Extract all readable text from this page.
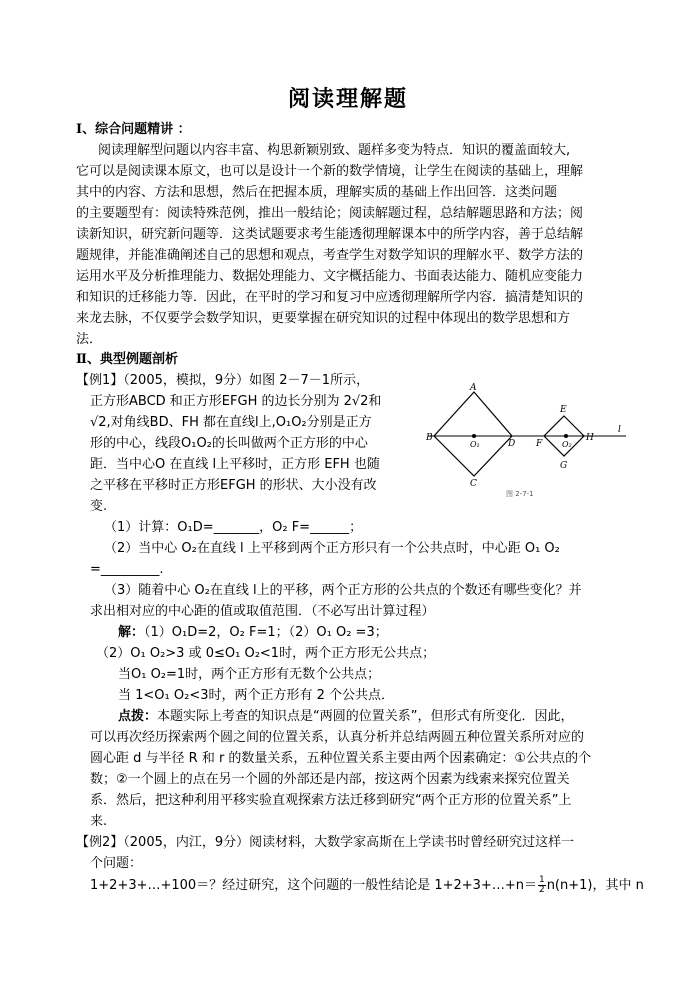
阅读理解题
Ⅰ、综合问题精讲 ：
阅读理解型问题以内容丰富、构思新颖别致、题样多变为特点．知识的覆盖面较大,
它可以是阅读课本原文，也可以是设计一个新的数学情境，让学生在阅读的基础上，理解
其中的内容、方法和思想，然后在把握本质，理解实质的基础上作出回答．这类问题
的主要题型有：阅读特殊范例，推出一般结论；阅读解题过程，总结解题思路和方法；阅
读新知识，研究新问题等．这类试题要求考生能透彻理解课本中的所学内容，善于总结解
题规律，并能准确阐述自己的思想和观点，考查学生对数学知识的理解水平、数学方法的
运用水平及分析推理能力、数据处理能力、文字概括能力、书面表达能力、随机应变能力
和知识的迁移能力等．因此，在平时的学习和复习中应透彻理解所学内容．搞清楚知识的
来龙去脉，不仅要学会数学知识，更要掌握在研究知识的过程中体现出的数学思想和方
法．
Ⅱ、典型例题剖析
【例1】（2005，模拟，9分）如图 2－7－1所示，
正方形ABCD 和正方形EFGH 的边长分别为 2√2和
√2,对角线BD、FH 都在直线l上,O₁O₂分别是正方
形的中心，线段O₁O₂的长叫做两个正方形的中心
距．当中心O 在直线 l上平移时，正方形 EFH 也随
之平移在平移时正方形EFGH 的形状、大小没有改
变.
A
B
C
D
E
F
G
H
O₁	O₂
l
图 2-7-1
（1）计算：O₁D=_______，O₂ F=______；
（2）当中心 O₂在直线 l 上平移到两个正方形只有一个公共点时，中心距 O₁ O₂
=_________.
（3）随着中心 O₂在直线 l上的平移，两个正方形的公共点的个数还有哪些变化？并
求出相对应的中心距的值或取值范围．（不必写出计算过程）
解：（1）O₁D=2，O₂ F=1；（2）O₁ O₂ =3；
（2）O₁ O₂>3 或 0≤O₁ O₂<1时，两个正方形无公共点；
当O₁ O₂=1时，两个正方形有无数个公共点；
当 1<O₁ O₂<3时，两个正方形有 2 个公共点．
点拨：本题实际上考查的知识点是“两圆的位置关系”，但形式有所变化．因此，
可以再次经历探索两个圆之间的位置关系，认真分析并总结两圆五种位置关系所对应的
圆心距 d 与半径 R 和 r 的数量关系，五种位置关系主要由两个因素确定：①公共点的个
数；②一个圆上的点在另一个圆的外部还是内部，按这两个因素为线索来探究位置关
系．然后，把这种利用平移实验直观探索方法迁移到研究“两个正方形的位置关系”上
来.
【例2】（2005，内江，9分）阅读材料，大数学家高斯在上学读书时曾经研究过这样一
个问题：
1+2+3+…+100＝？经过研究，这个问题的一般性结论是 1+2+3+…+n＝ $\frac{1}{2} n(n+1)$，其中 n
